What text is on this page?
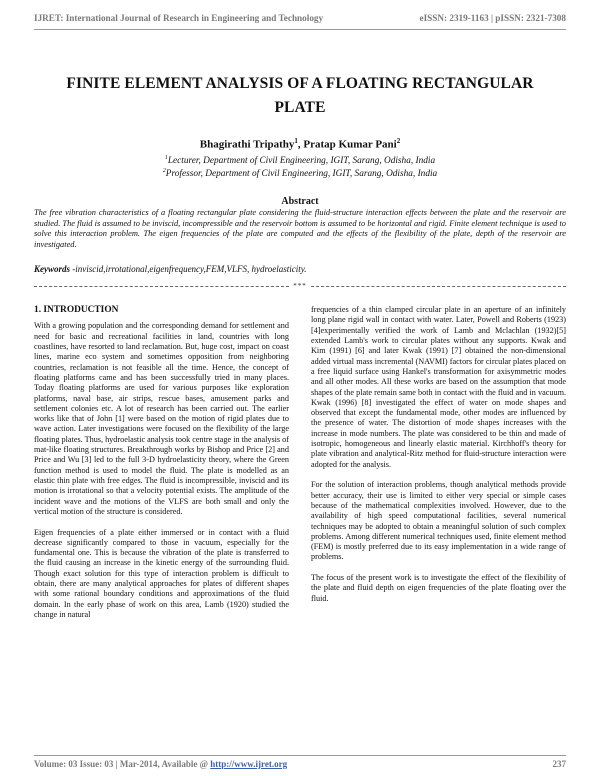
IJRET: International Journal of Research in Engineering and Technology	eISSN: 2319-1163 | pISSN: 2321-7308
FINITE ELEMENT ANALYSIS OF A FLOATING RECTANGULAR PLATE
Bhagirathi Tripathy$^1$, Pratap Kumar Pani$^2$
$^1$Lecturer, Department of Civil Engineering, IGIT, Sarang, Odisha, India
$^2$Professor, Department of Civil Engineering, IGIT, Sarang, Odisha, India
Abstract
The free vibration characteristics of a floating rectangular plate considering the fluid-structure interaction effects between the plate and the reservoir are studied. The fluid is assumed to be inviscid, incompressible and the reservoir bottom is assumed to be horizontal and rigid. Finite element technique is used to solve this interaction problem. The eigen frequencies of the plate are computed and the effects of the flexibility of the plate, depth of the reservoir are investigated.
Keywords -inviscid,irrotational,eigenfrequency,FEM,VLFS, hydroelasticity.
***
1. INTRODUCTION

With a growing population and the corresponding demand for settlement and need for basic and recreational facilities in land, countries with long coastlines, have resorted to land reclamation. But, huge cost, impact on coast lines, marine eco system and sometimes opposition from neighboring countries, reclamation is not feasible all the time. Hence, the concept of floating platforms came and has been successfully tried in many places. Today floating platforms are used for various purposes like exploration platforms, naval base, air strips, rescue bases, amusement parks and settlement colonies etc. A lot of research has been carried out. The earlier works like that of John [1] were based on the motion of rigid plates due to wave action. Later investigations were focused on the flexibility of the large floating plates. Thus, hydroelastic analysis took centre stage in the analysis of mat-like floating structures. Breakthrough works by Bishop and Price [2] and Price and Wu [3] led to the full 3-D hydroelasticity theory, where the Green function method is used to model the fluid. The plate is modelled as an elastic thin plate with free edges. The fluid is incompressible, inviscid and its motion is irrotational so that a velocity potential exists. The amplitude of the incident wave and the motions of the VLFS are both small and only the vertical motion of the structure is considered.

Eigen frequencies of a plate either immersed or in contact with a fluid decrease significantly compared to those in vacuum, especially for the fundamental one. This is because the vibration of the plate is transferred to the fluid causing an increase in the kinetic energy of the surrounding fluid. Though exact solution for this type of interaction problem is difficult to obtain, there are many analytical approaches for plates of different shapes with some rational boundary conditions and approximations of the fluid domain. In the early phase of work on this area, Lamb (1920) studied the change in natural

frequencies of a thin clamped circular plate in an aperture of an infinitely long plane rigid wall in contact with water. Later, Powell and Roberts (1923) [4]experimentally verified the work of Lamb and Mclachlan (1932)[5] extended Lamb's work to circular plates without any supports. Kwak and Kim (1991) [6] and later Kwak (1991) [7] obtained the non-dimensional added virtual mass incremental (NAVMI) factors for circular plates placed on a free liquid surface using Hankel's transformation for axisymmetric modes and all other modes. All these works are based on the assumption that mode shapes of the plate remain same both in contact with the fluid and in vacuum. Kwak (1996) [8] investigated the effect of water on mode shapes and observed that except the fundamental mode, other modes are influenced by the presence of water. The distortion of mode shapes increases with the increase in mode numbers. The plate was considered to be thin and made of isotropic, homogeneous and linearly elastic material. Kirchhoff's theory for plate vibration and analytical-Ritz method for fluid-structure interaction were adopted for the analysis.

For the solution of interaction problems, though analytical methods provide better accuracy, their use is limited to either very special or simple cases because of the mathematical complexities involved. However, due to the availability of high speed computational facilities, several numerical techniques may be adopted to obtain a meaningful solution of such complex problems. Among different numerical techniques used, finite element method (FEM) is mostly preferred due to its easy implementation in a wide range of problems.

The focus of the present work is to investigate the effect of the flexibility of the plate and fluid depth on eigen frequencies of the plate floating over the fluid.

Volume: 03 Issue: 03 | Mar-2014, Available @ http://www.ijret.org	237
